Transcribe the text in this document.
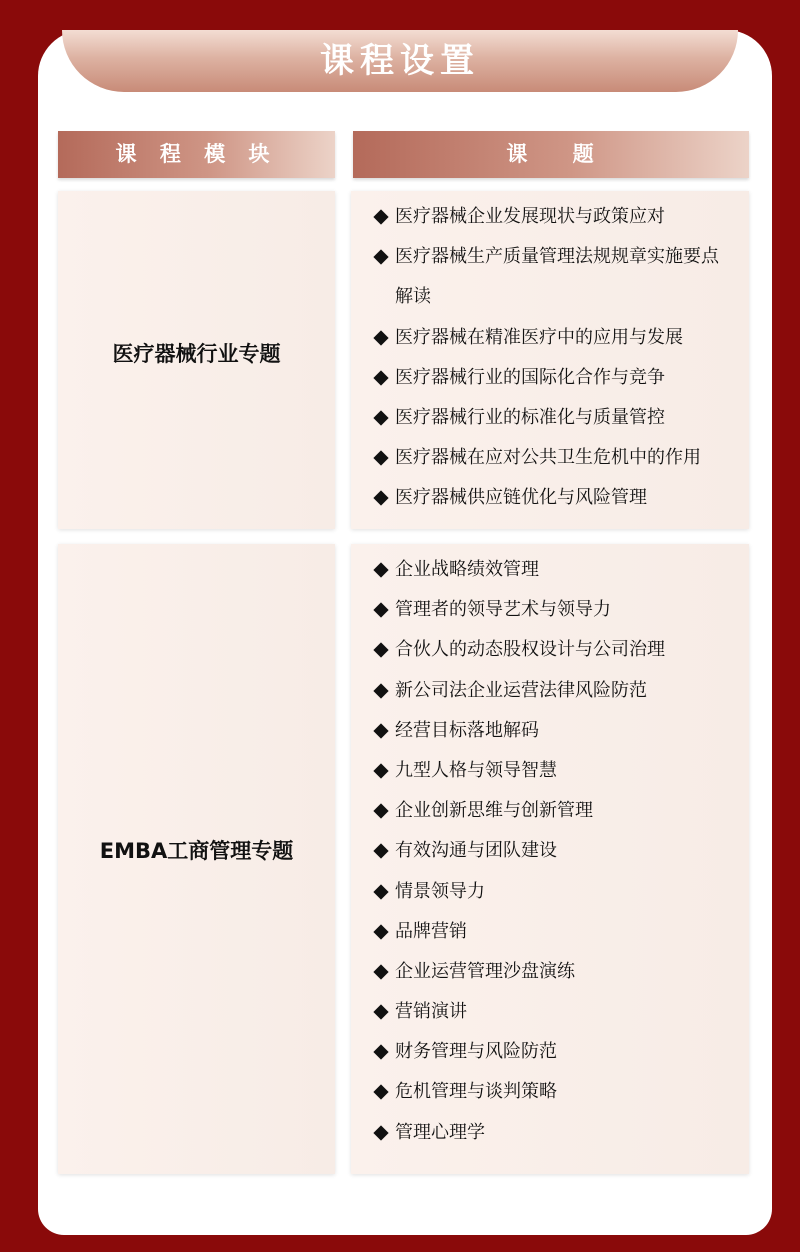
课程设置
课 程 模 块	课 题
医疗器械行业专题
医疗器械企业发展现状与政策应对
医疗器械生产质量管理法规规章实施要点解读
医疗器械在精准医疗中的应用与发展
医疗器械行业的国际化合作与竞争
医疗器械行业的标准化与质量管控
医疗器械在应对公共卫生危机中的作用
医疗器械供应链优化与风险管理
EMBA工商管理专题
企业战略绩效管理
管理者的领导艺术与领导力
合伙人的动态股权设计与公司治理
新公司法企业运营法律风险防范
经营目标落地解码
九型人格与领导智慧
企业创新思维与创新管理
有效沟通与团队建设
情景领导力
品牌营销
企业运营管理沙盘演练
营销演讲
财务管理与风险防范
危机管理与谈判策略
管理心理学
